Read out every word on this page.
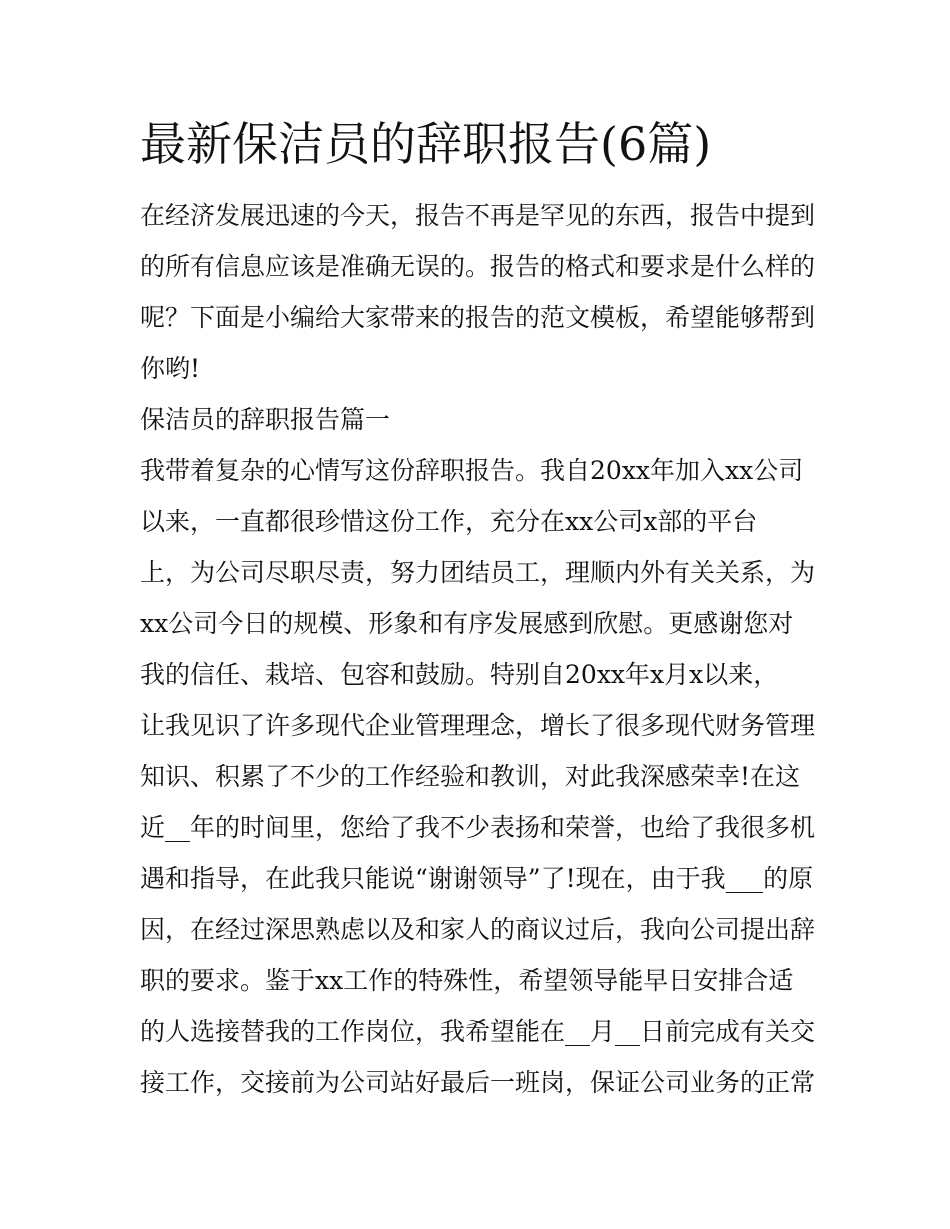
最新保洁员的辞职报告(6篇)
在经济发展迅速的今天，报告不再是罕见的东西，报告中提到
的所有信息应该是准确无误的。报告的格式和要求是什么样的
呢？下面是小编给大家带来的报告的范文模板，希望能够帮到
你哟!
保洁员的辞职报告篇一
我带着复杂的心情写这份辞职报告。我自20xx年加入xx公司
以来，一直都很珍惜这份工作，充分在xx公司x部的平台
上，为公司尽职尽责，努力团结员工，理顺内外有关关系，为
xx公司今日的规模、形象和有序发展感到欣慰。更感谢您对
我的信任、栽培、包容和鼓励。特别自20xx年x月x以来，
让我见识了许多现代企业管理理念，增长了很多现代财务管理
知识、积累了不少的工作经验和教训，对此我深感荣幸!在这
近__年的时间里，您给了我不少表扬和荣誉，也给了我很多机
遇和指导，在此我只能说“谢谢领导”了!现在，由于我___的原
因，在经过深思熟虑以及和家人的商议过后，我向公司提出辞
职的要求。鉴于xx工作的特殊性，希望领导能早日安排合适
的人选接替我的工作岗位，我希望能在__月__日前完成有关交
接工作，交接前为公司站好最后一班岗，保证公司业务的正常
